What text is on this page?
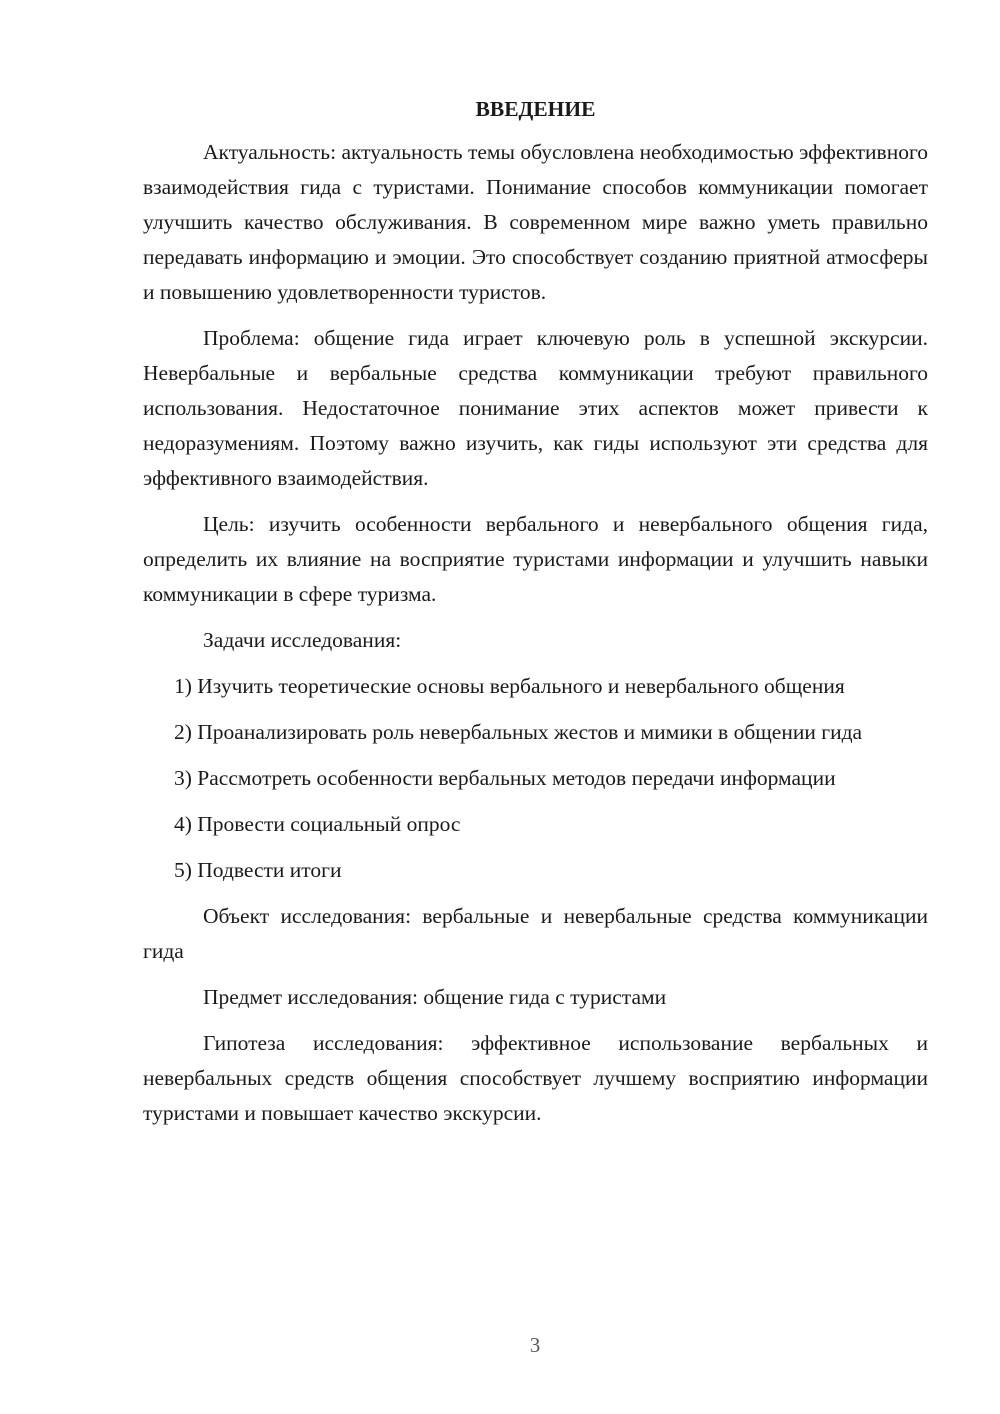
ВВЕДЕНИЕ

Актуальность: актуальность темы обусловлена необходимостью эффективного взаимодействия гида с туристами. Понимание способов коммуникации помогает улучшить качество обслуживания. В современном мире важно уметь правильно передавать информацию и эмоции. Это способствует созданию приятной атмосферы и повышению удовлетворенности туристов.

Проблема: общение гида играет ключевую роль в успешной экскурсии. Невербальные и вербальные средства коммуникации требуют правильного использования. Недостаточное понимание этих аспектов может привести к недоразумениям. Поэтому важно изучить, как гиды используют эти средства для эффективного взаимодействия.

Цель: изучить особенности вербального и невербального общения гида, определить их влияние на восприятие туристами информации и улучшить навыки коммуникации в сфере туризма.

Задачи исследования:

1) Изучить теоретические основы вербального и невербального общения

2) Проанализировать роль невербальных жестов и мимики в общении гида

3) Рассмотреть особенности вербальных методов передачи информации

4) Провести социальный опрос

5) Подвести итоги

Объект исследования: вербальные и невербальные средства коммуникации гида

Предмет исследования: общение гида с туристами

Гипотеза исследования: эффективное использование вербальных и невербальных средств общения способствует лучшему восприятию информации туристами и повышает качество экскурсии.

3
